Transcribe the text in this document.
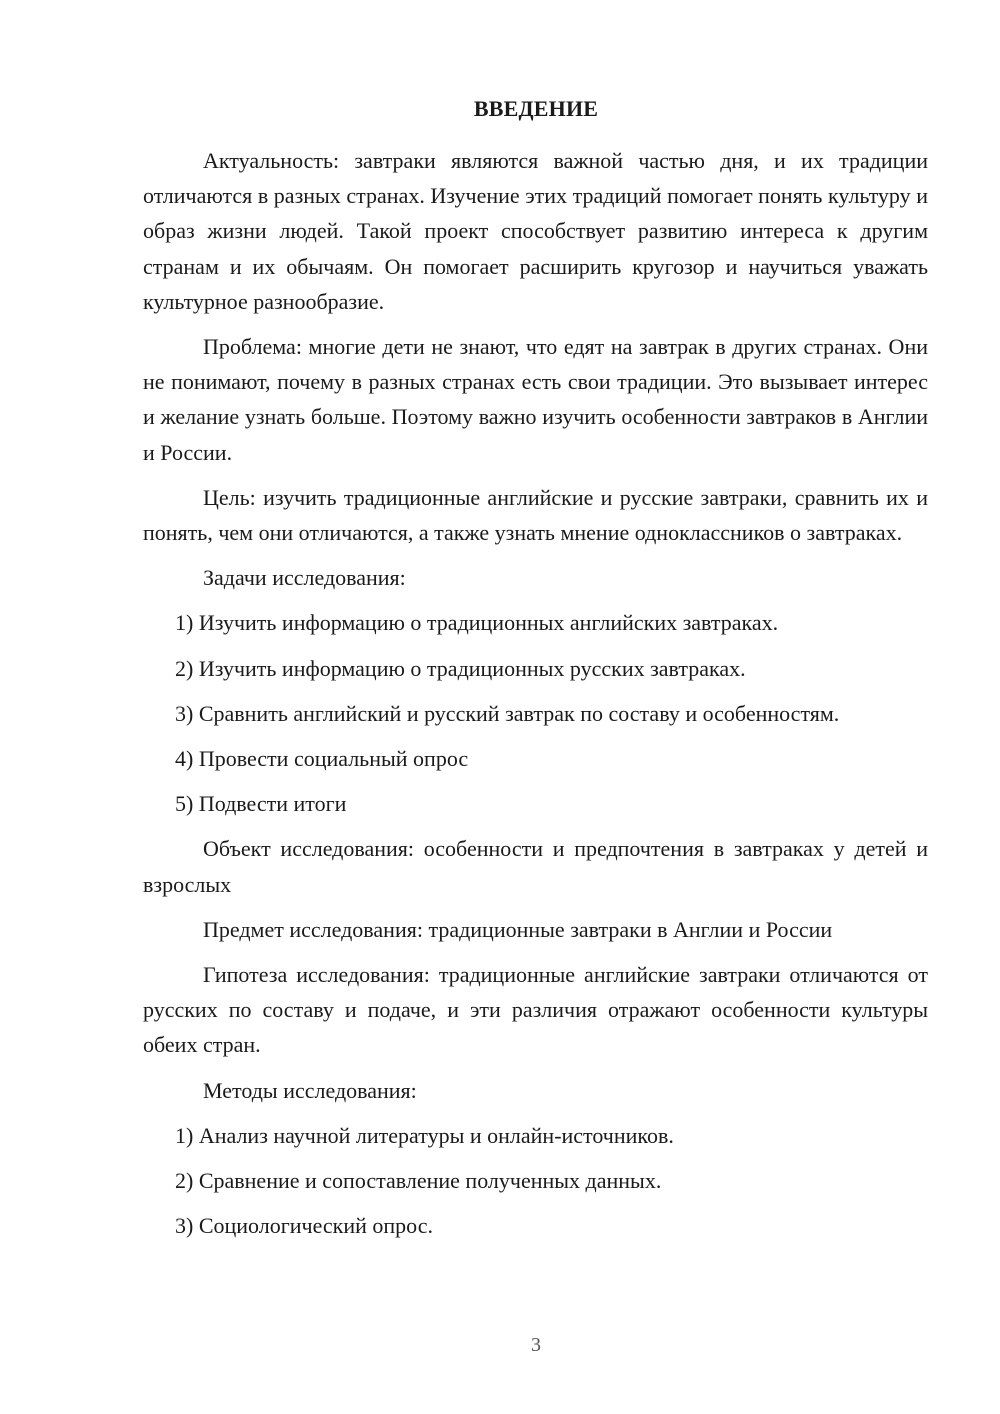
ВВЕДЕНИЕ

Актуальность: завтраки являются важной частью дня, и их традиции отличаются в разных странах. Изучение этих традиций помогает понять культуру и образ жизни людей. Такой проект способствует развитию интереса к другим странам и их обычаям. Он помогает расширить кругозор и научиться уважать культурное разнообразие.

Проблема: многие дети не знают, что едят на завтрак в других странах. Они не понимают, почему в разных странах есть свои традиции. Это вызывает интерес и желание узнать больше. Поэтому важно изучить особенности завтраков в Англии и России.

Цель: изучить традиционные английские и русские завтраки, сравнить их и понять, чем они отличаются, а также узнать мнение одноклассников о завтраках.

Задачи исследования:

1) Изучить информацию о традиционных английских завтраках.
2) Изучить информацию о традиционных русских завтраках.
3) Сравнить английский и русский завтрак по составу и особенностям.
4) Провести социальный опрос
5) Подвести итоги

Объект исследования: особенности и предпочтения в завтраках у детей и взрослых

Предмет исследования: традиционные завтраки в Англии и России

Гипотеза исследования: традиционные английские завтраки отличаются от русских по составу и подаче, и эти различия отражают особенности культуры обеих стран.

Методы исследования:

1) Анализ научной литературы и онлайн-источников.
2) Сравнение и сопоставление полученных данных.
3) Социологический опрос.
3
